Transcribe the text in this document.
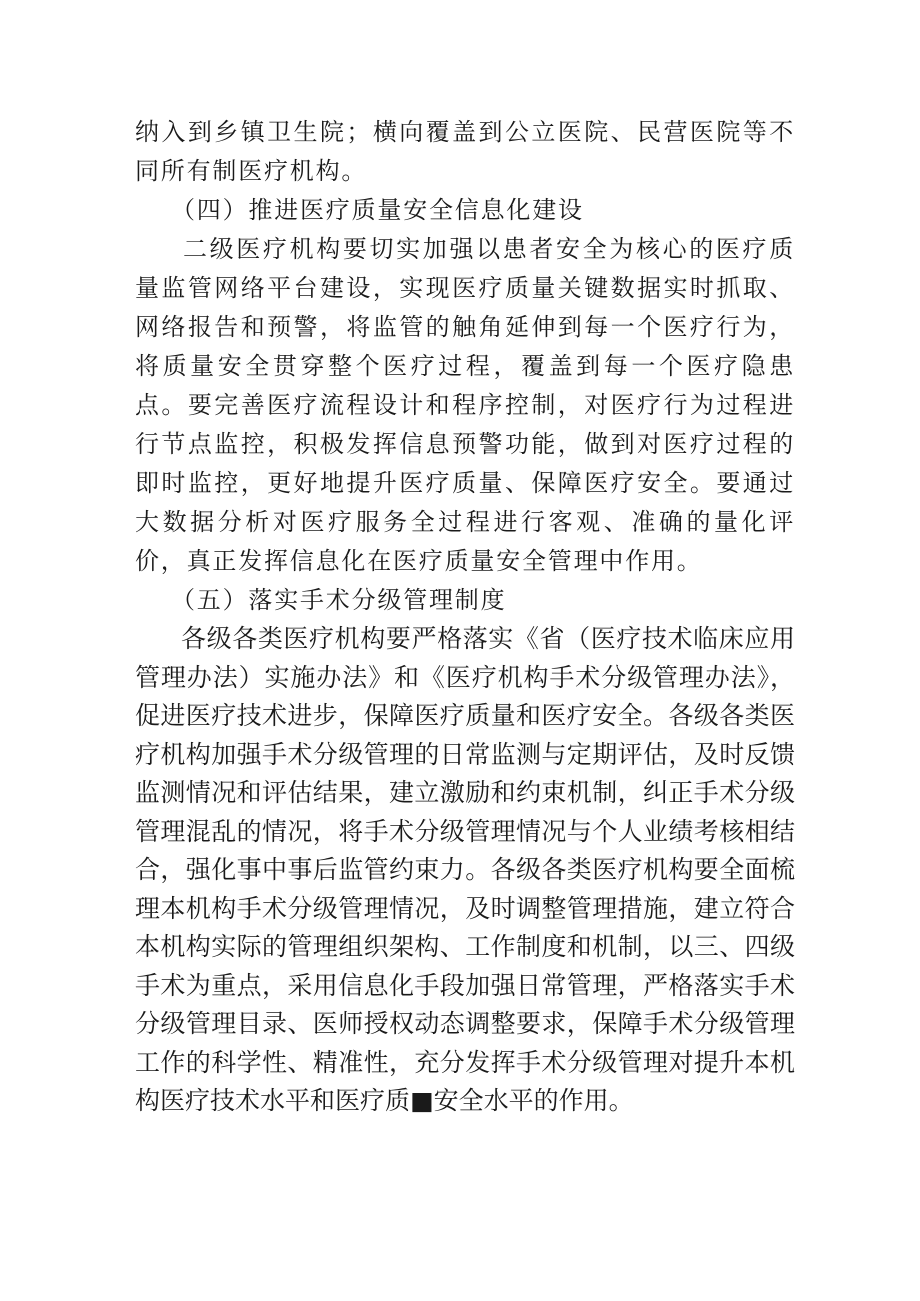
纳入到乡镇卫生院；横向覆盖到公立医院、民营医院等不同所有制医疗机构。

（四）推进医疗质量安全信息化建设

二级医疗机构要切实加强以患者安全为核心的医疗质量监管网络平台建设，实现医疗质量关键数据实时抓取、网络报告和预警，将监管的触角延伸到每一个医疗行为，将质量安全贯穿整个医疗过程，覆盖到每一个医疗隐患点。要完善医疗流程设计和程序控制，对医疗行为过程进行节点监控，积极发挥信息预警功能，做到对医疗过程的即时监控，更好地提升医疗质量、保障医疗安全。要通过大数据分析对医疗服务全过程进行客观、准确的量化评价，真正发挥信息化在医疗质量安全管理中作用。

（五）落实手术分级管理制度

各级各类医疗机构要严格落实《省（医疗技术临床应用管理办法）实施办法》和《医疗机构手术分级管理办法》，促进医疗技术进步，保障医疗质量和医疗安全。各级各类医疗机构加强手术分级管理的日常监测与定期评估，及时反馈监测情况和评估结果，建立激励和约束机制，纠正手术分级管理混乱的情况，将手术分级管理情况与个人业绩考核相结合，强化事中事后监管约束力。各级各类医疗机构要全面梳理本机构手术分级管理情况，及时调整管理措施，建立符合本机构实际的管理组织架构、工作制度和机制，以三、四级手术为重点，采用信息化手段加强日常管理，严格落实手术分级管理目录、医师授权动态调整要求，保障手术分级管理工作的科学性、精准性，充分发挥手术分级管理对提升本机构医疗技术水平和医疗质■安全水平的作用。
